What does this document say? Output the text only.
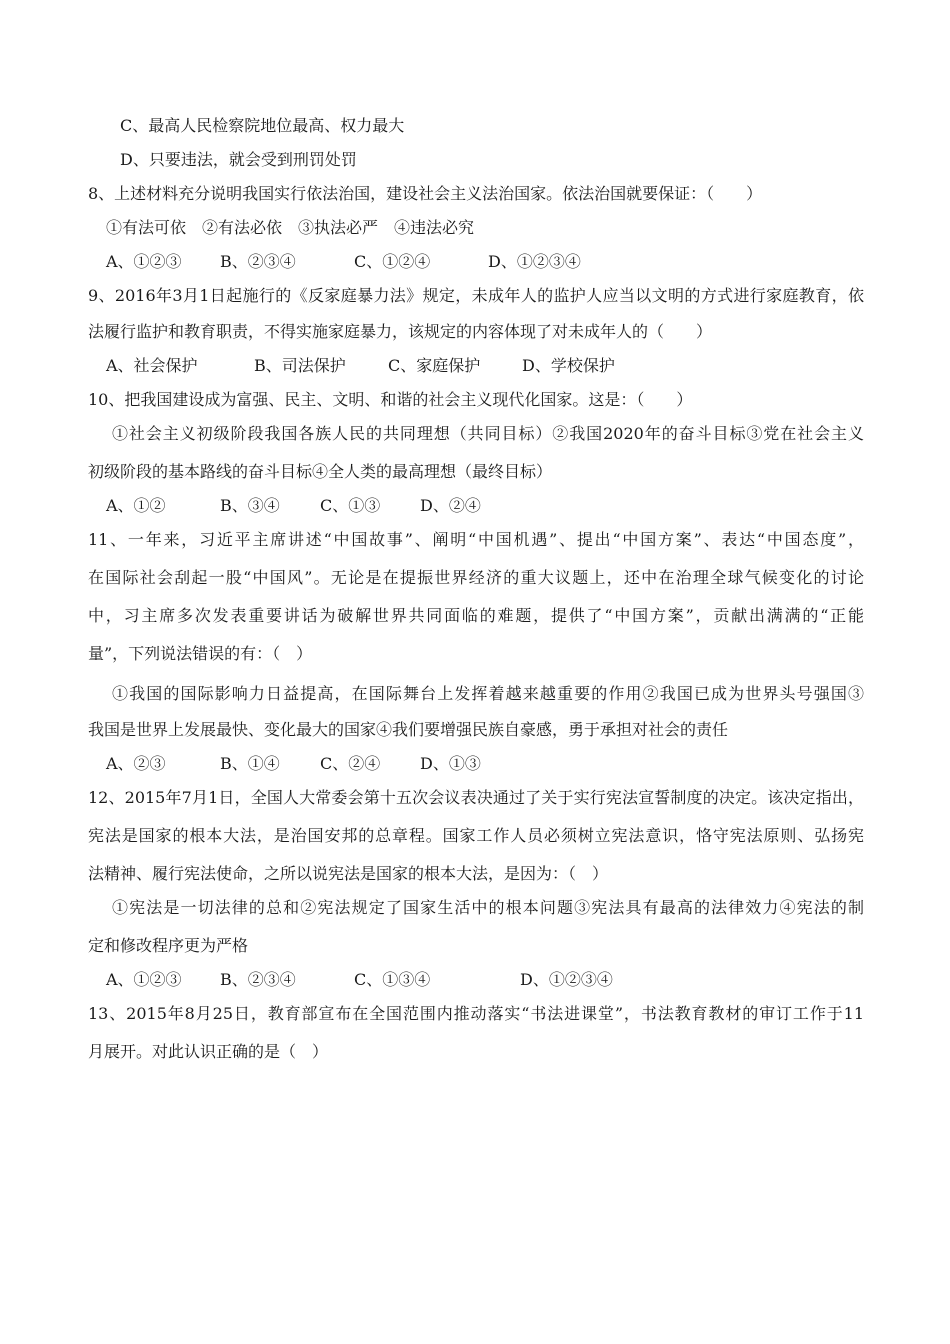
C、最高人民检察院地位最高、权力最大
D、只要违法，就会受到刑罚处罚
8、上述材料充分说明我国实行依法治国，建设社会主义法治国家。依法治国就要保证：（　　）
①有法可依　②有法必依　③执法必严　④违法必究
A、①②③ B、②③④	C、①②④	D、①②③④
9、2016年3月1日起施行的《反家庭暴力法》规定，未成年人的监护人应当以文明的方式进行家庭教育，依
法履行监护和教育职责，不得实施家庭暴力，该规定的内容体现了对未成年人的（　　）
A、社会保护	B、司法保护	C、家庭保护	D、学校保护
10、把我国建设成为富强、民主、文明、和谐的社会主义现代化国家。这是：（　　）
①社会主义初级阶段我国各族人民的共同理想（共同目标）②我国2020年的奋斗目标③党在社会主义
初级阶段的基本路线的奋斗目标④全人类的最高理想（最终目标）
A、①②	B、③④	C、①③ D、②④
11、一年来，习近平主席讲述“中国故事”、阐明“中国机遇”、提出“中国方案”、表达“中国态度”，
在国际社会刮起一股“中国风”。无论是在提振世界经济的重大议题上，还中在治理全球气候变化的讨论
中，习主席多次发表重要讲话为破解世界共同面临的难题，提供了“中国方案”，贡献出满满的“正能
量”，下列说法错误的有：（　）
①我国的国际影响力日益提高，在国际舞台上发挥着越来越重要的作用②我国已成为世界头号强国③
我国是世界上发展最快、变化最大的国家④我们要增强民族自豪感，勇于承担对社会的责任
A、②③	B、①④	C、②④ D、①③
12、2015年7月1日，全国人大常委会第十五次会议表决通过了关于实行宪法宣誓制度的决定。该决定指出，
宪法是国家的根本大法，是治国安邦的总章程。国家工作人员必须树立宪法意识，恪守宪法原则、弘扬宪
法精神、履行宪法使命，之所以说宪法是国家的根本大法，是因为：（　）
①宪法是一切法律的总和②宪法规定了国家生活中的根本问题③宪法具有最高的法律效力④宪法的制
定和修改程序更为严格
A、①②③ B、②③④	C、①③④	D、①②③④
13、2015年8月25日，教育部宣布在全国范围内推动落实“书法进课堂”，书法教育教材的审订工作于11
月展开。对此认识正确的是（　）
